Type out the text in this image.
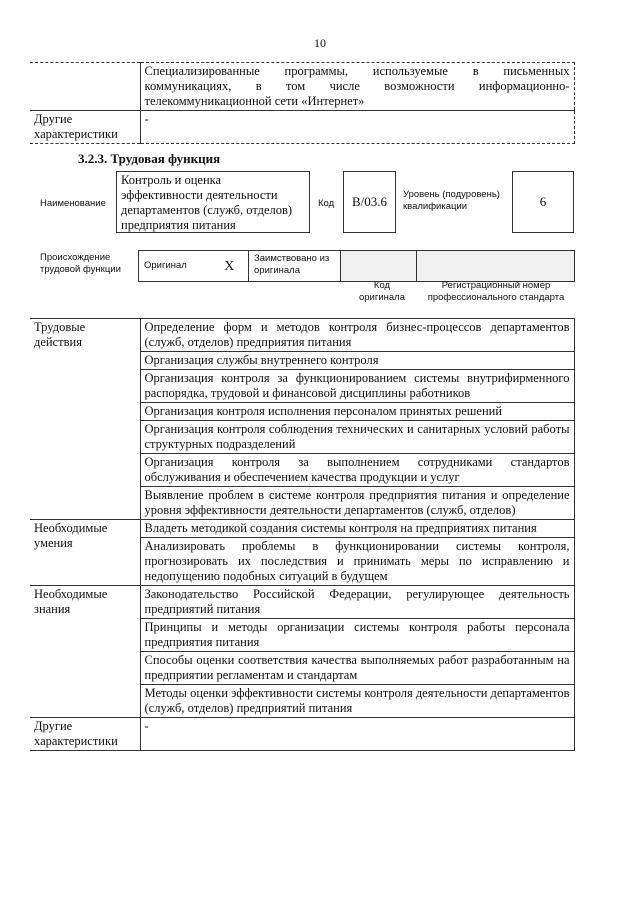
10
	Специализированные программы, используемые в письменных коммуникациях, в том числе возможности информационно-телекоммуникационной сети «Интернет»
Другие характеристики	-
3.2.3. Трудовая функция
Наименование
Контроль и оценка эффективности деятельности департаментов (служб, отделов) предприятия питания
Код	В/03.6	Уровень (подуровень) квалификации	6
Происхождение трудовой функции	Оригинал	X	Заимствовано из оригинала		
Код оригинала
Регистрационный номер профессионального стандарта
Трудовые действия	Определение форм и методов контроля бизнес-процессов департаментов (служб, отделов) предприятия питания
	Организация службы внутреннего контроля
	Организация контроля за функционированием системы внутрифирменного распорядка, трудовой и финансовой дисциплины работников
	Организация контроля исполнения персоналом принятых решений
	Организация контроля соблюдения технических и санитарных условий работы структурных подразделений
	Организация контроля за выполнением сотрудниками стандартов обслуживания и обеспечением качества продукции и услуг
	Выявление проблем в системе контроля предприятия питания и определение уровня эффективности деятельности департаментов (служб, отделов)
Необходимые умения	Владеть методикой создания системы контроля на предприятиях питания
	Анализировать проблемы в функционировании системы контроля, прогнозировать их последствия и принимать меры по исправлению и недопущению подобных ситуаций в будущем
Необходимые знания	Законодательство Российской Федерации, регулирующее деятельность предприятий питания
	Принципы и методы организации системы контроля работы персонала предприятия питания
	Способы оценки соответствия качества выполняемых работ разработанным на предприятии регламентам и стандартам
	Методы оценки эффективности системы контроля деятельности департаментов (служб, отделов) предприятий питания
Другие характеристики	-
